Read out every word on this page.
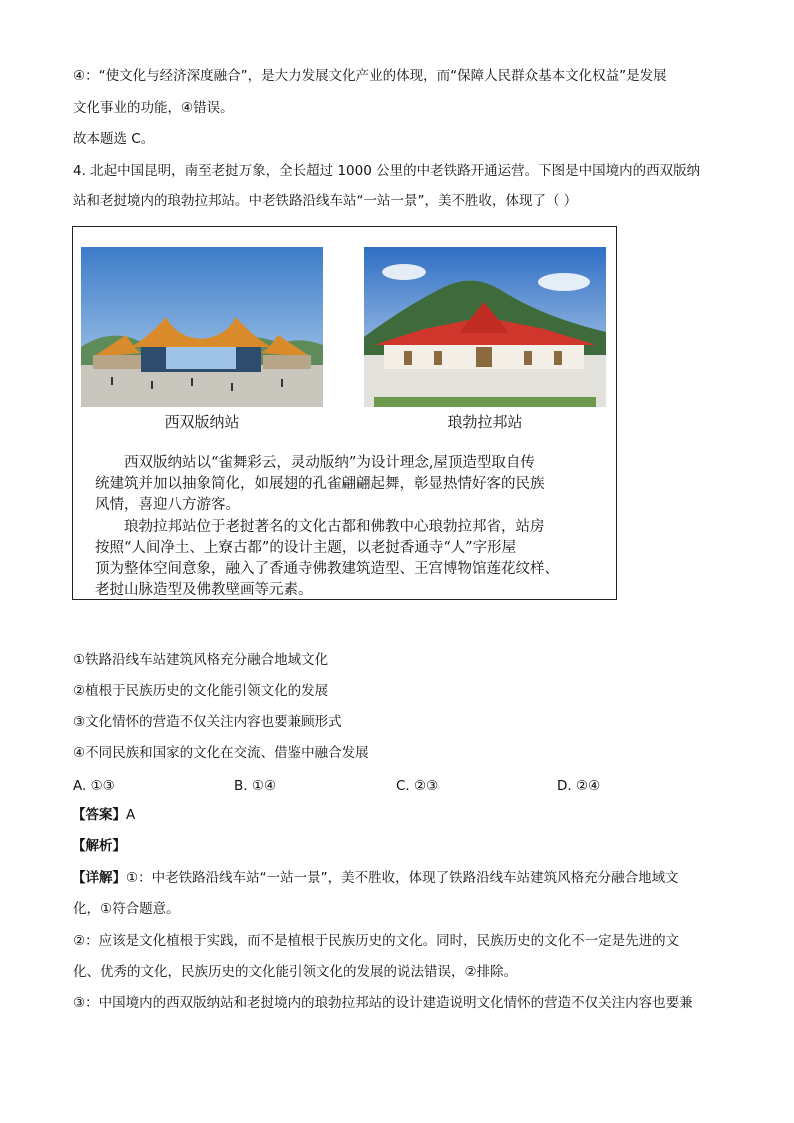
④：“使文化与经济深度融合”，是大力发展文化产业的体现，而“保障人民群众基本文化权益”是发展
文化事业的功能，④错误。
故本题选 C。
4. 北起中国昆明，南至老挝万象，全长超过 1000 公里的中老铁路开通运营。下图是中国境内的西双版纳
站和老挝境内的琅勃拉邦站。中老铁路沿线车站“一站一景”，美不胜收，体现了（ ）
西双版纳站	琅勃拉邦站
西双版纳站以“雀舞彩云，灵动版纳”为设计理念,屋顶造型取自传
统建筑并加以抽象简化，如展翅的孔雀翩翩起舞，彰显热情好客的民族
风情，喜迎八方游客。
琅勃拉邦站位于老挝著名的文化古都和佛教中心琅勃拉邦省，站房
按照“人间净土、上寮古都”的设计主题，以老挝香通寺“人”字形屋
顶为整体空间意象，融入了香通寺佛教建筑造型、王宫博物馆莲花纹样、
老挝山脉造型及佛教壁画等元素。
①铁路沿线车站建筑风格充分融合地域文化
②植根于民族历史的文化能引领文化的发展
③文化情怀的营造不仅关注内容也要兼顾形式
④不同民族和国家的文化在交流、借鉴中融合发展
A. ①③	B. ①④	C. ②③	D. ②④
【答案】A
【解析】
【详解】①：中老铁路沿线车站“一站一景”，美不胜收，体现了铁路沿线车站建筑风格充分融合地域文
化，①符合题意。
②：应该是文化植根于实践，而不是植根于民族历史的文化。同时，民族历史的文化不一定是先进的文
化、优秀的文化，民族历史的文化能引领文化的发展的说法错误，②排除。
③：中国境内的西双版纳站和老挝境内的琅勃拉邦站的设计建造说明文化情怀的营造不仅关注内容也要兼
